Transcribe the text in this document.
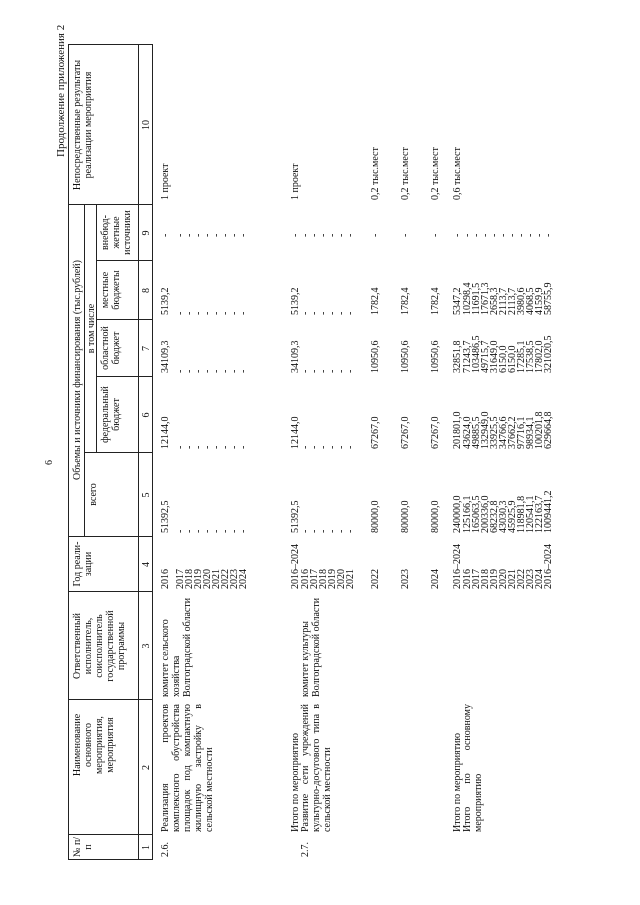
6
Продолжение приложения 2
№ п/п
Наименование основного мероприятия, мероприятия
Ответственный исполнитель, соисполнитель государственной программы
Год реали-зации
Объемы и источники финансирования (тыс.рублей)
всего
в том числе
федеральный бюджет
областной бюджет
местные бюджеты
внебюд-жетные источники
Непосредственные результаты реализации мероприятия
1
2
3
4
5
6
7
8
9
10
2.6.
Реализация проектов комплексного обустройства площадок под компактную жилищную застройку в сельской местности
комитет сельского хозяйства Волгоградской области
1 проект
Итого по мероприятию
2016–2024
51392,5
12144,0
34109,3
5139,2
-
1 проект
2.7.
Развитие сети учреждений культурно-досугового типа в сельской местности
комитет культуры Волгоградской области
0,2 тыс.мест
2023
80000,0
67267,0
10950,6
1782,4
-
0,2 тыс.мест
2024
80000,0
67267,0
10950,6
1782,4
-
0,2 тыс.мест
Итого по мероприятию
2016–2024
240000,0
201801,0
32851,8
5347,2
-
0,6 тыс.мест
Итого по основному мероприятию
2016
51392,5
12144,0
34109,3
5139,2
-
2017
-
-
-
-
-
2018
-
-
-
-
-
2019
-
-
-
-
-
2020
-
-
-
-
-
2021
-
-
-
-
-
2022
-
-
-
-
-
2023
-
-
-
-
-
2024
-
-
-
-
-
2016
-
-
-
-
-
2017
-
-
-
-
-
2018
-
-
-
-
-
2019
-
-
-
-
-
2020
-
-
-
-
-
2021
-
-
-
-
-
2022
80000,0
67267,0
10950,6
1782,4
-
2016
125166,1
43624,0
71243,7
10298,4
-
2017
165063,5
49885,5
103486,5
11691,5
-
2018
200336,0
132949,0
49715,7
17671,3
-
2019
68232,8
33925,5
31649,0
2658,3
-
2020
43030,3
34766,6
6150,0
2113,7
-
2021
45925,9
37662,2
6150,0
2113,7
-
2022
118981,8
97716,1
17285,1
3980,6
-
2023
120541,1
98934,1
17538,5
4068,5
-
2024
122163,7
100201,8
17802,0
4159,9
-
2016–2024
1009441,2
629664,8
321020,5
58755,9
-
